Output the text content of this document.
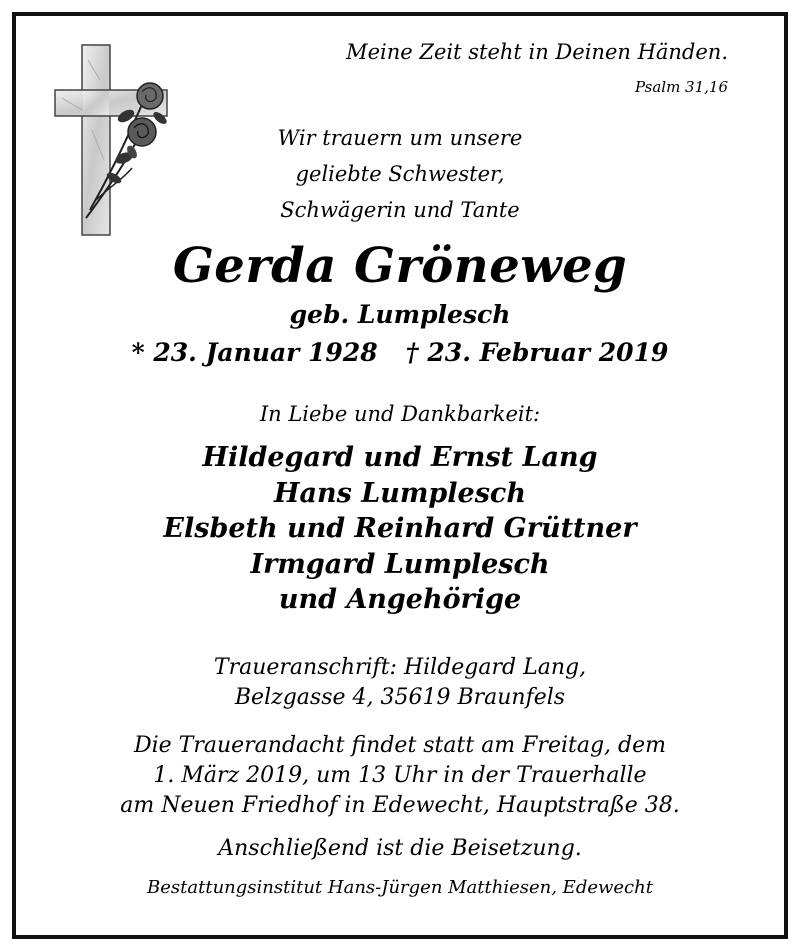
Meine Zeit steht in Deinen Händen.
Psalm 31,16
Wir trauern um unsere
geliebte Schwester,
Schwägerin und Tante
Gerda Gröneweg
geb. Lumplesch
* 23. Januar 1928 † 23. Februar 2019
In Liebe und Dankbarkeit:
Hildegard und Ernst Lang
Hans Lumplesch
Elsbeth und Reinhard Grüttner
Irmgard Lumplesch
und Angehörige
Traueranschrift: Hildegard Lang,
Belzgasse 4, 35619 Braunfels
Die Trauerandacht findet statt am Freitag, dem
1. März 2019, um 13 Uhr in der Trauerhalle
am Neuen Friedhof in Edewecht, Hauptstraße 38.
Anschließend ist die Beisetzung.
Bestattungsinstitut Hans-Jürgen Matthiesen, Edewecht
